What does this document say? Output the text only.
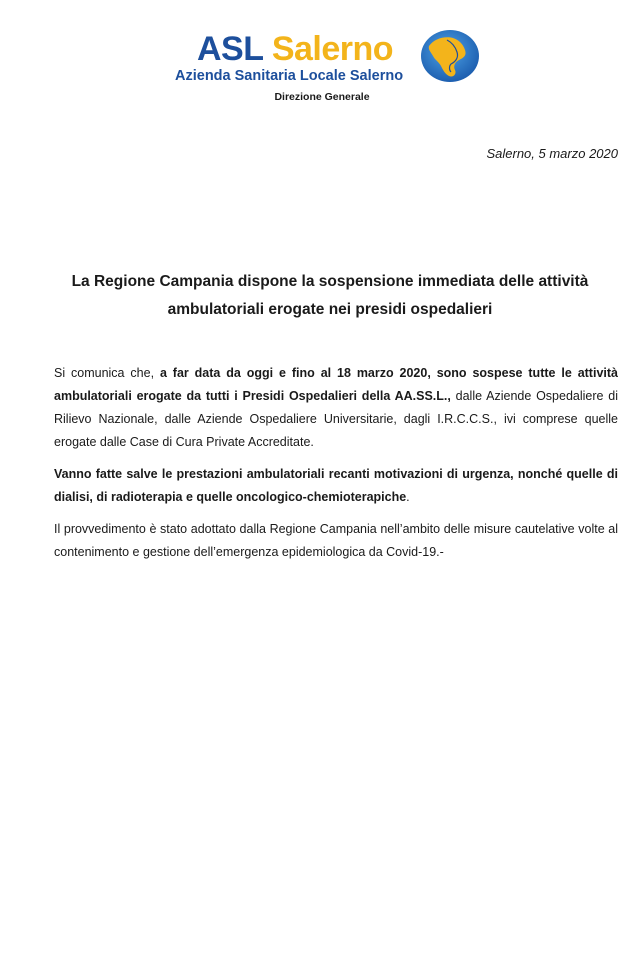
ASL Salerno
Azienda Sanitaria Locale Salerno
Direzione Generale
Salerno, 5 marzo 2020
La Regione Campania dispone la sospensione immediata delle attività
ambulatoriali erogate nei presidi ospedalieri

Si comunica che, a far data da oggi e fino al 18 marzo 2020, sono sospese tutte le attività ambulatoriali erogate da tutti i Presidi Ospedalieri della AA.SS.L., dalle Aziende Ospedaliere di Rilievo Nazionale, dalle Aziende Ospedaliere Universitarie, dagli I.R.C.C.S., ivi comprese quelle erogate dalle Case di Cura Private Accreditate.

Vanno fatte salve le prestazioni ambulatoriali recanti motivazioni di urgenza, nonché quelle di dialisi, di radioterapia e quelle oncologico-chemioterapiche.

Il provvedimento è stato adottato dalla Regione Campania nell’ambito delle misure cautelative volte al contenimento e gestione dell’emergenza epidemiologica da Covid-19.-
